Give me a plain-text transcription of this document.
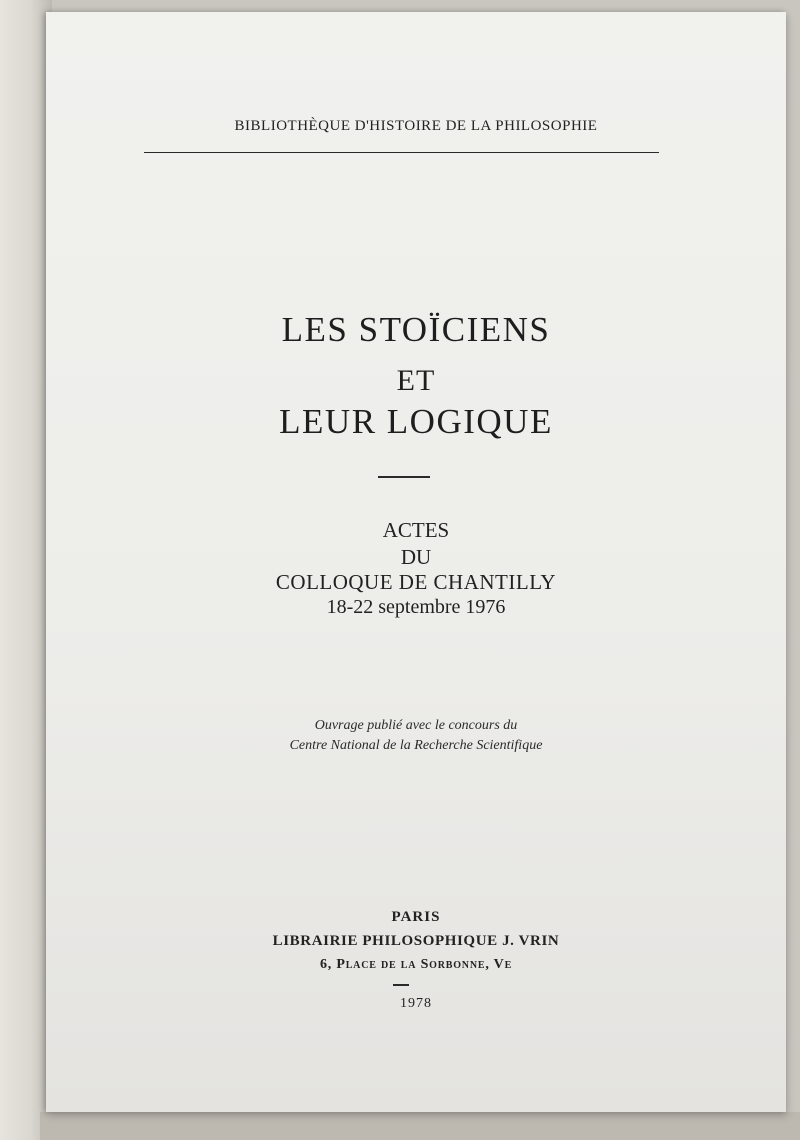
BIBLIOTHÈQUE D'HISTOIRE DE LA PHILOSOPHIE
LES STOÏCIENS
ET
LEUR LOGIQUE
ACTES
DU
COLLOQUE DE CHANTILLY
18-22 septembre 1976
Ouvrage publié avec le concours du
Centre National de la Recherche Scientifique
PARIS
LIBRAIRIE PHILOSOPHIQUE J. VRIN
6, Place de la Sorbonne, Ve
1978
